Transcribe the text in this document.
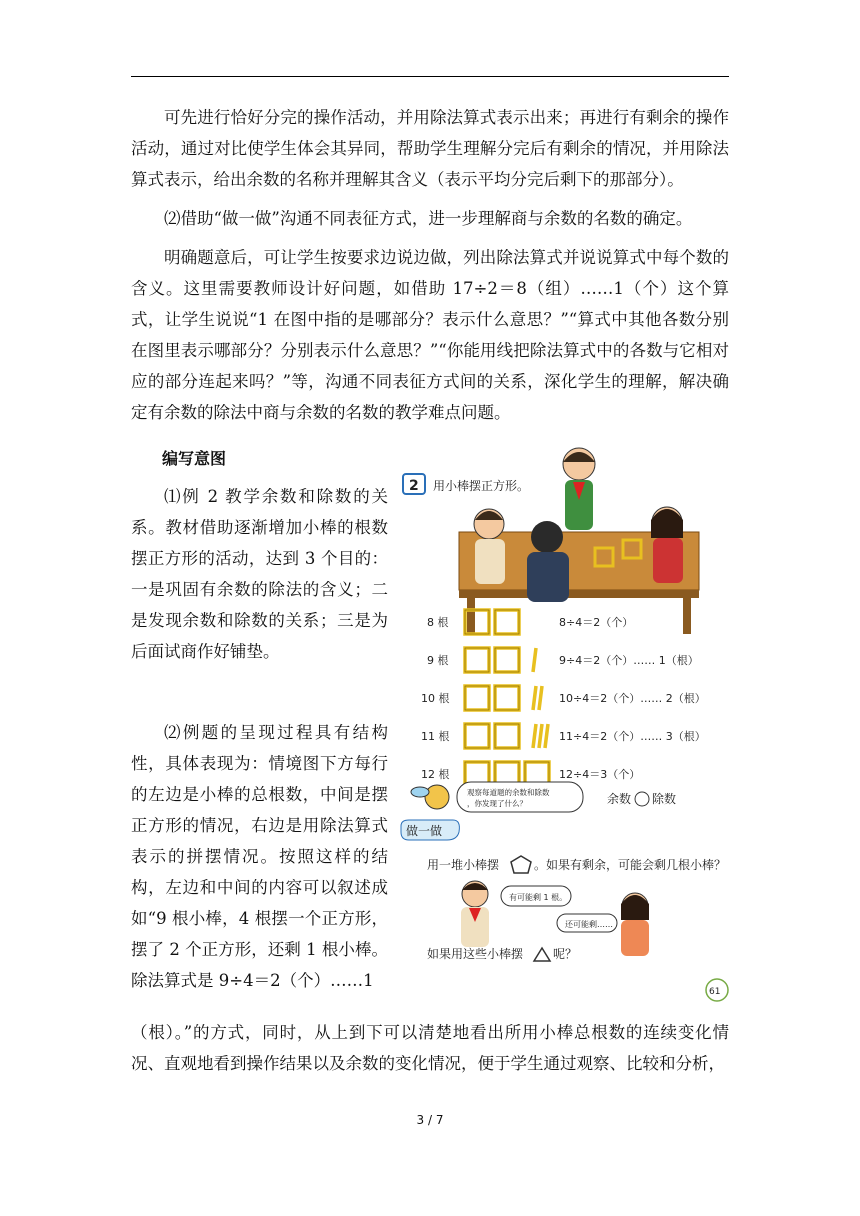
可先进行恰好分完的操作活动，并用除法算式表示出来；再进行有剩余的操作活动，通过对比使学生体会其异同，帮助学生理解分完后有剩余的情况，并用除法算式表示，给出余数的名称并理解其含义（表示平均分完后剩下的那部分）。
⑵借助“做一做”沟通不同表征方式，进一步理解商与余数的名数的确定。
明确题意后，可让学生按要求边说边做，列出除法算式并说说算式中每个数的含义。这里需要教师设计好问题，如借助 17÷2＝8（组）……1（个）这个算式，让学生说说“1 在图中指的是哪部分？表示什么意思？”“算式中其他各数分别在图里表示哪部分？分别表示什么意思？”“你能用线把除法算式中的各数与它相对应的部分连起来吗？”等，沟通不同表征方式间的关系，深化学生的理解，解决确定有余数的除法中商与余数的名数的教学难点问题。
编写意图
⑴例 2 教学余数和除数的关系。教材借助逐渐增加小棒的根数摆正方形的活动，达到 3 个目的：一是巩固有余数的除法的含义；二是发现余数和除数的关系；三是为后面试商作好铺垫。
⑵例题的呈现过程具有结构性，具体表现为：情境图下方每行的左边是小棒的总根数，中间是摆正方形的情况，右边是用除法算式表示的拼摆情况。按照这样的结构，左边和中间的内容可以叙述成如“9 根小棒，4 根摆一个正方形，摆了 2 个正方形，还剩 1 根小棒。除法算式是 9÷4＝2（个）……1
（根）。”的方式，同时，从上到下可以清楚地看出所用小棒总根数的连续变化情况、直观地看到操作结果以及余数的变化情况，便于学生通过观察、比较和分析，
2 用小棒摆正方形。
8 根	8÷4＝2（个）
9 根	9÷4＝2（个）…… 1（根）
10 根	10÷4＝2（个）…… 2（根）
11 根	11÷4＝2（个）…… 3（根）
12 根	12÷4＝3（个）
观察每道题的余数和除数 ，你发现了什么？	余数 除数
做一做
用一堆小棒摆	。如果有剩余，可能会剩几根小棒？
有可能剩 1 根。
还可能剩……
如果用这些小棒摆 呢？
61
3 / 7
